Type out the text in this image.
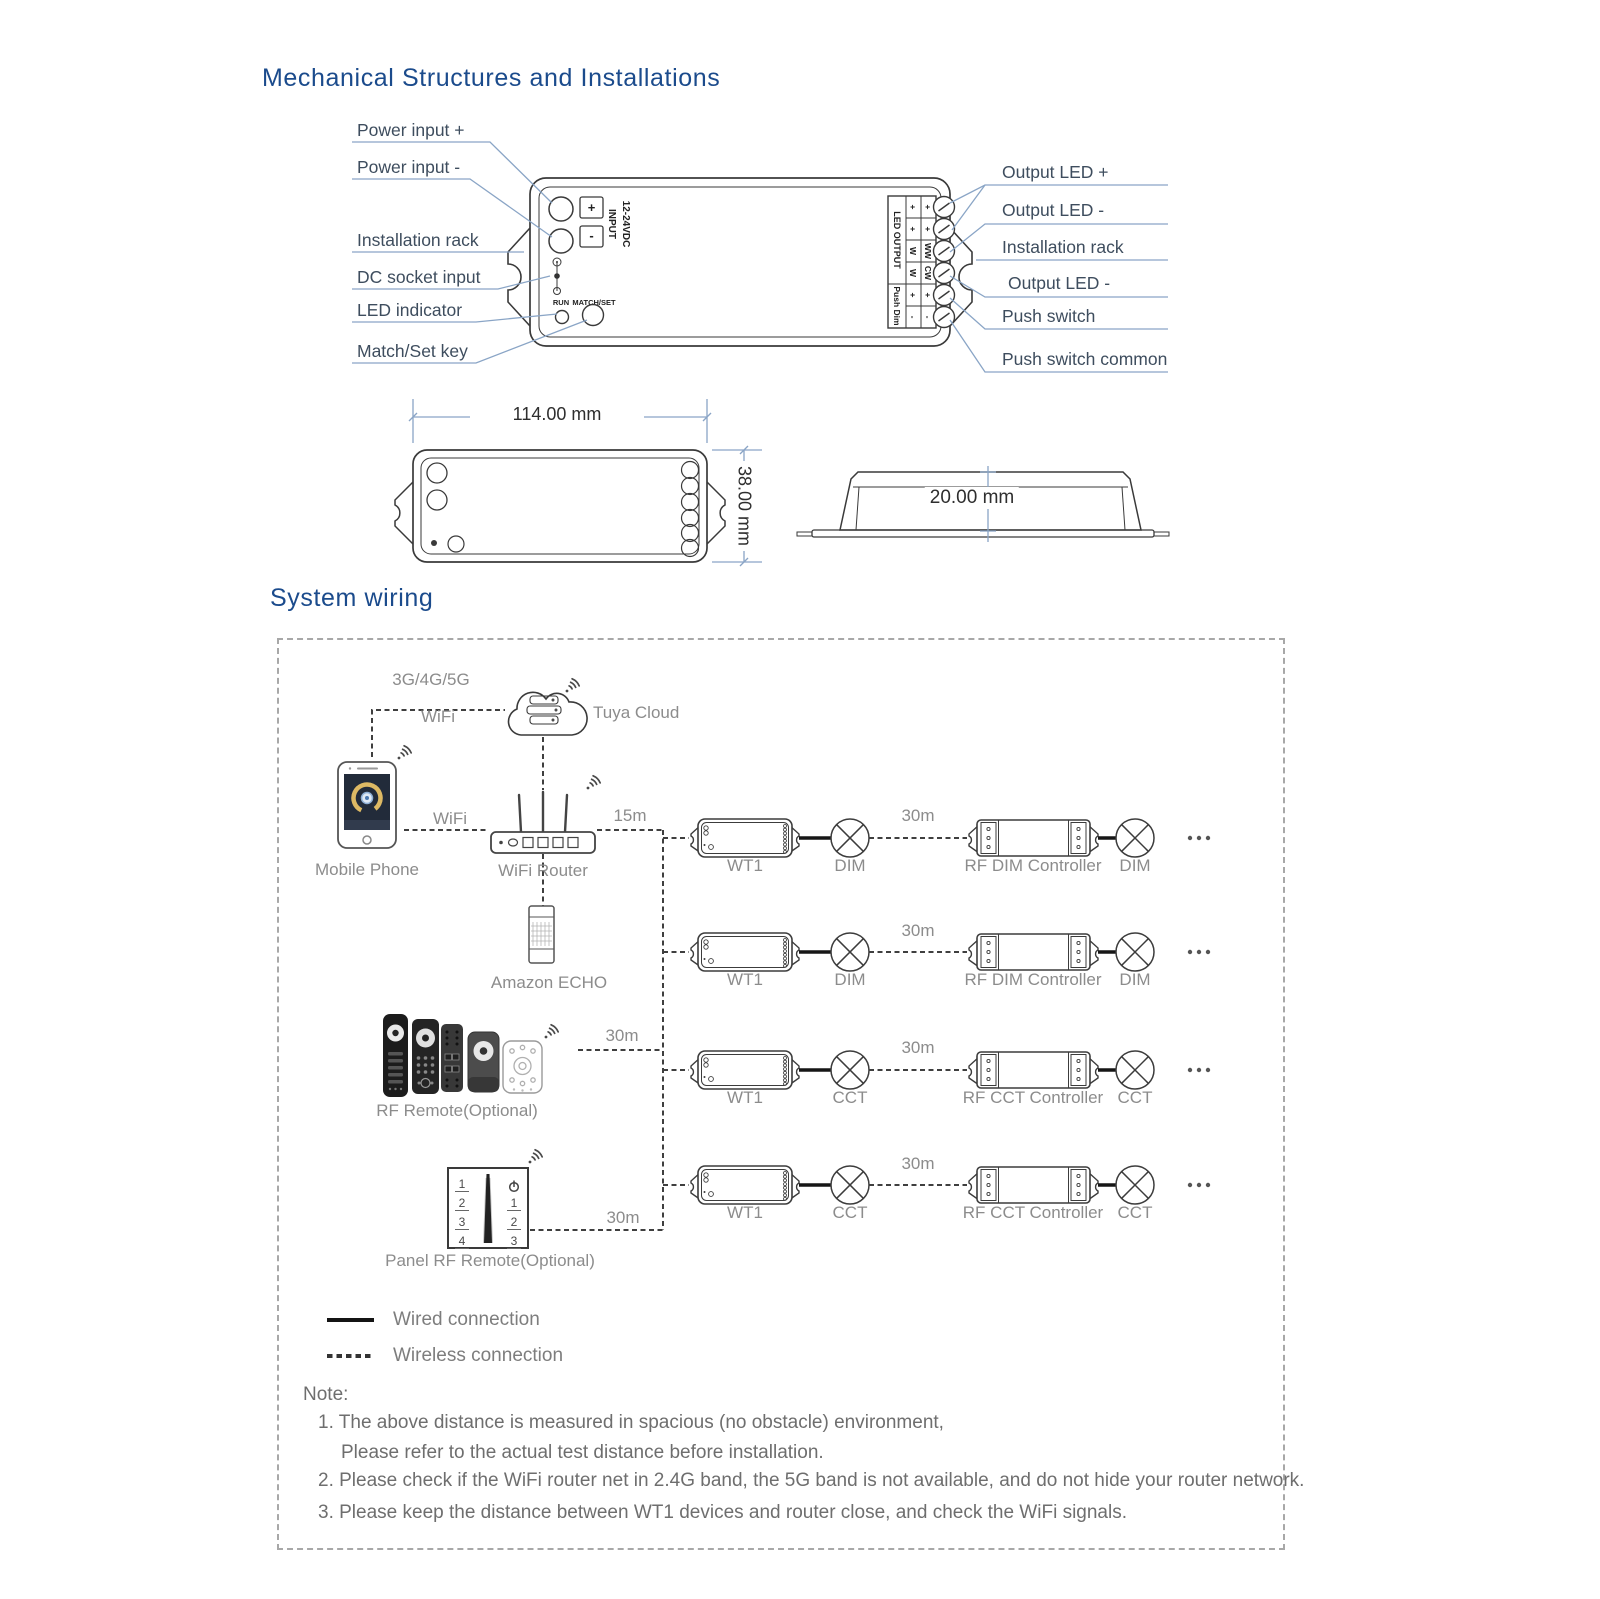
+
- INPUT 12-24VDC
RUN MATCH/SET
LED OUTPUT
Push Dim
+ +
+ +
W WW
W CW
+ +
- -
Mechanical Structures and Installations
Power input +
Power input -
Installation rack
DC socket input
LED indicator
Match/Set key
Output LED +
Output LED -
Installation rack
Output LED -
Push switch
Push switch common
114.00 mm
38.00 mm	20.00 mm
System wiring
3G/4G/5G
WiFi	Tuya Cloud
WiFi
Mobile Phone	WiFi Router
15m
Amazon ECHO
RF Remote(Optional)
30m
Panel RF Remote(Optional)
30m
WT1	DIM
30m
RF DIM Controller DIM
WT1	DIM
30m
RF DIM Controller DIM
WT1	CCT
30m
RF CCT Controller CCT
WT1	CCT
30m
RF CCT Controller CCT
1
2
3
4
1
2
3
Wired connection
Wireless connection
Note:
1. The above distance is measured in spacious (no obstacle) environment,
Please refer to the actual test distance before installation.
2. Please check if the WiFi router net in 2.4G band, the 5G band is not available, and do not hide your router network.
3. Please keep the distance between WT1 devices and router close, and check the WiFi signals.
